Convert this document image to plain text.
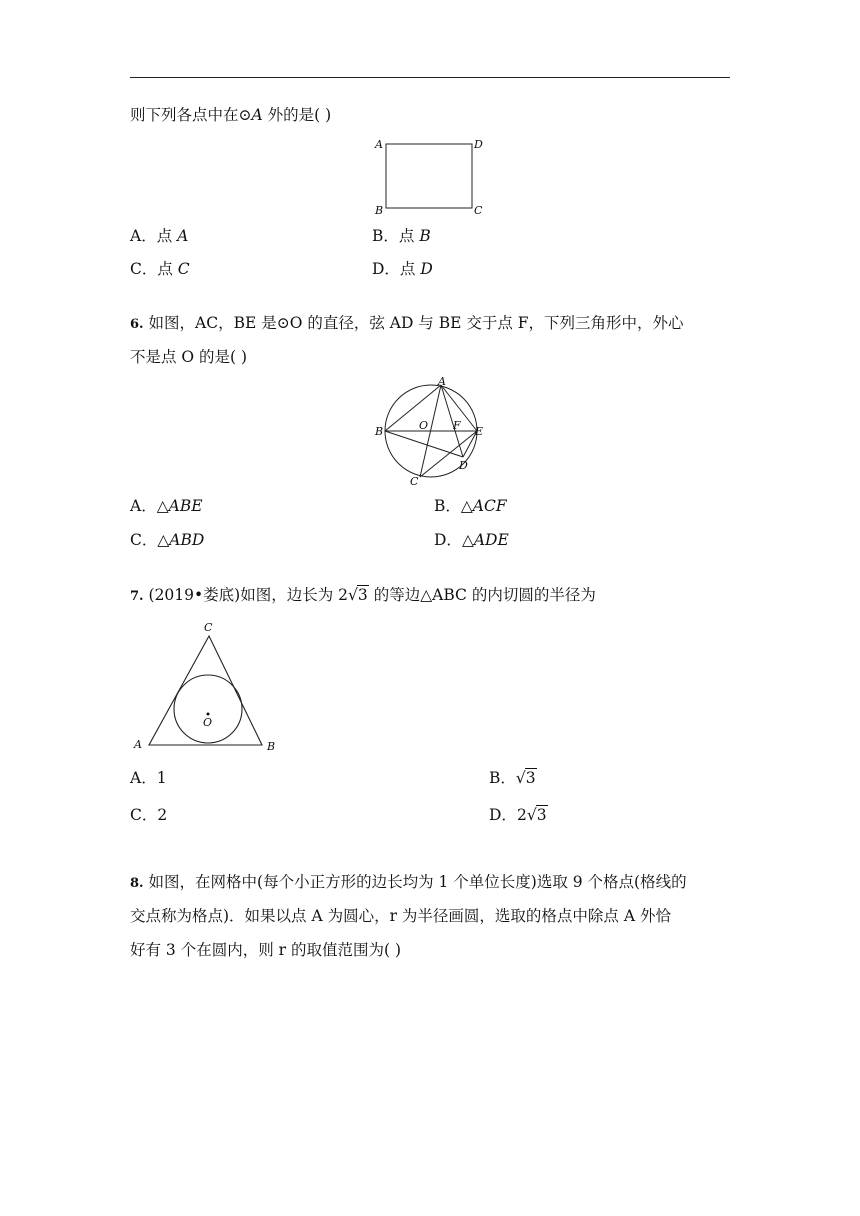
则下列各点中在⊙A 外的是( )
A	D
B	C
A．点 A	B．点 B
C．点 C	D．点 D
6. 如图，AC，BE 是⊙O 的直径，弦 AD 与 BE 交于点 F，下列三角形中，外心
不是点 O 的是( )
A
B	O F E
D
C
A．△ABE	B．△ACF
C．△ABD	D．△ADE
7. (2019•娄底)如图，边长为 2√3 的等边△ABC 的内切圆的半径为
C
A	B
O
A．1	B．√3
C．2	D．2√3
8. 如图，在网格中(每个小正方形的边长均为 1 个单位长度)选取 9 个格点(格线的
交点称为格点)．如果以点 A 为圆心，r 为半径画圆，选取的格点中除点 A 外恰
好有 3 个在圆内，则 r 的取值范围为( )
